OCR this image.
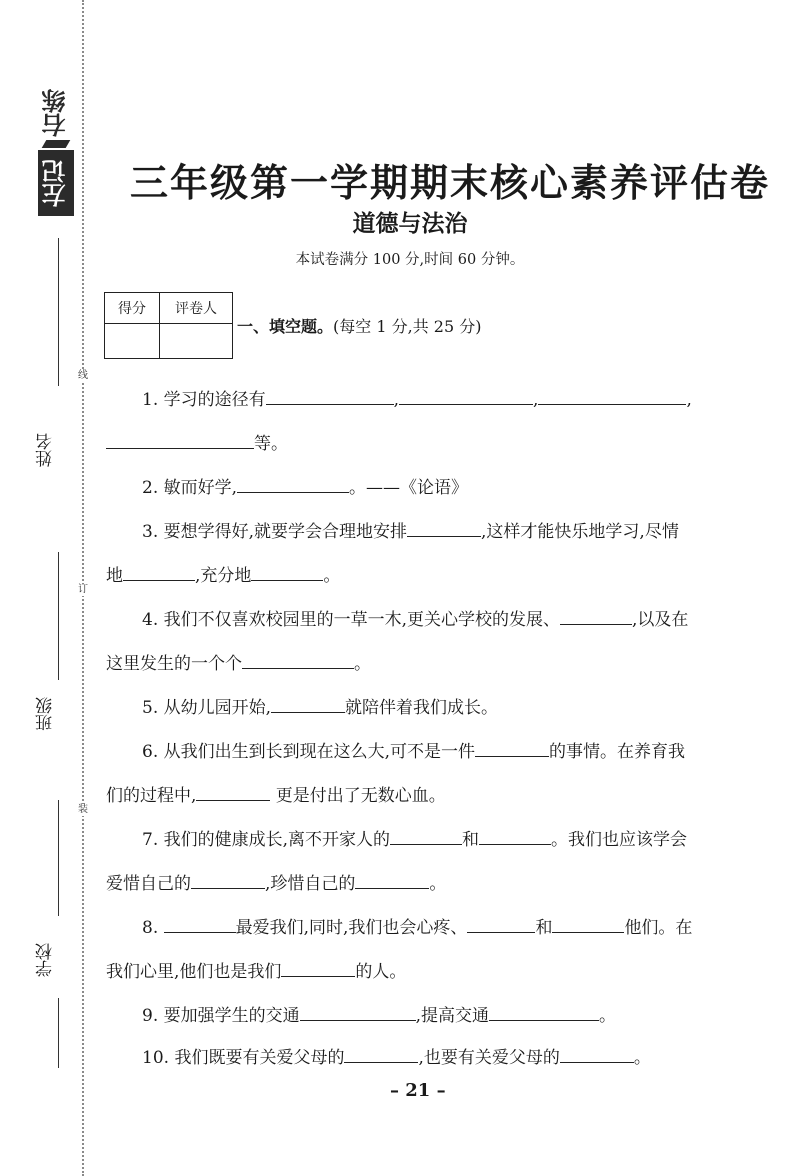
右练
左记
姓名
班级
学校
线
订
装
三年级第一学期期末核心素养评估卷
道德与法治
本试卷满分 100 分,时间 60 分钟。
得分	评卷人

一、填空题。(每空 1 分,共 25 分)
1. 学习的途径有	,	,	,
等。
2. 敏而好学,	。——《论语》
3. 要想学得好,就要学会合理地安排	,这样才能快乐地学习,尽情
地	,充分地	。
4. 我们不仅喜欢校园里的一草一木,更关心学校的发展、	,以及在
这里发生的一个个	。
5. 从幼儿园开始,	就陪伴着我们成长。
6. 从我们出生到长到现在这么大,可不是一件	的事情。在养育我
们的过程中,	更是付出了无数心血。
7. 我们的健康成长,离不开家人的	和	。我们也应该学会
爱惜自己的	,珍惜自己的	。
8.	最爱我们,同时,我们也会心疼、	和	他们。在
我们心里,他们也是我们	的人。
9. 要加强学生的交通	,提高交通	。
10. 我们既要有关爱父母的	,也要有关爱父母的	。
– 21 –
